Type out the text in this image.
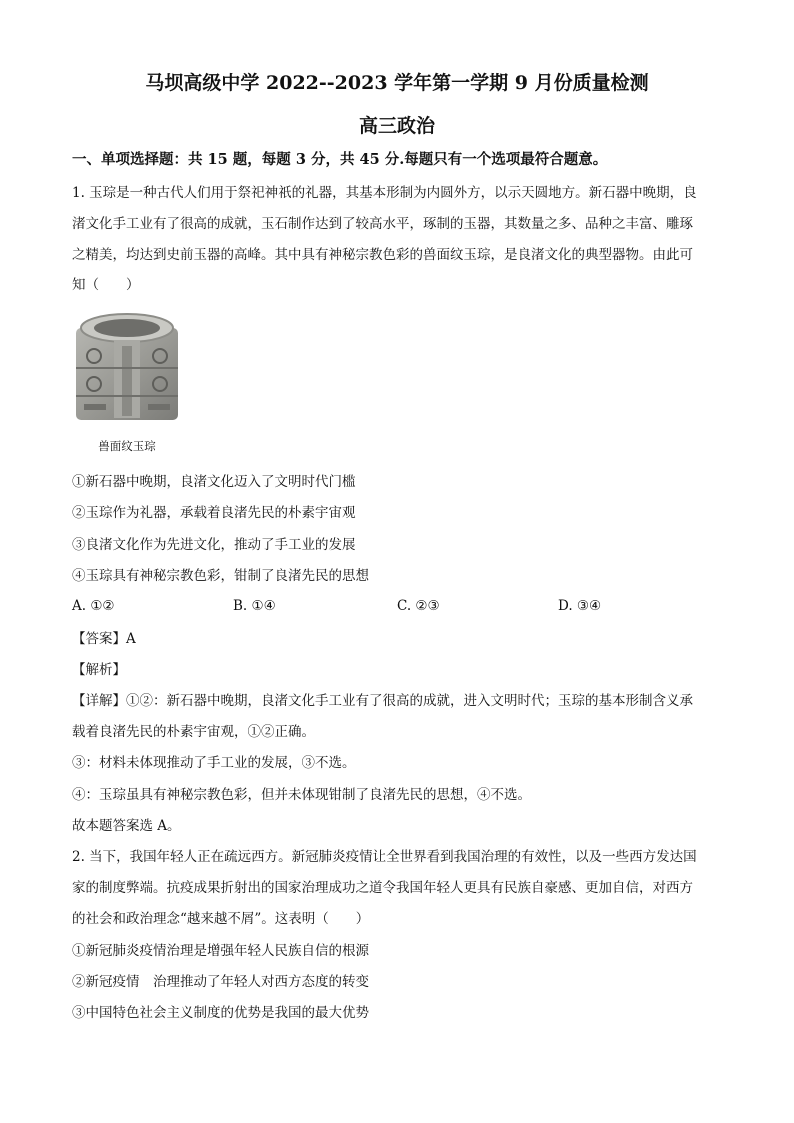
马坝高级中学 2022--2023 学年第一学期 9 月份质量检测
高三政治
一、单项选择题：共 15 题，每题 3 分，共 45 分.每题只有一个选项最符合题意。
1. 玉琮是一种古代人们用于祭祀神祇的礼器，其基本形制为内圆外方，以示天圆地方。新石器中晚期，良
渚文化手工业有了很高的成就，玉石制作达到了较高水平，琢制的玉器，其数量之多、品种之丰富、雕琢
之精美，均达到史前玉器的高峰。其中具有神秘宗教色彩的兽面纹玉琮，是良渚文化的典型器物。由此可
知（　　）
兽面纹玉琮
①新石器中晚期，良渚文化迈入了文明时代门槛
②玉琮作为礼器，承载着良渚先民的朴素宇宙观
③良渚文化作为先进文化，推动了手工业的发展
④玉琮具有神秘宗教色彩，钳制了良渚先民的思想
A. ①②	B. ①④	C. ②③	D. ③④
【答案】A
【解析】
【详解】①②：新石器中晚期，良渚文化手工业有了很高的成就，进入文明时代；玉琮的基本形制含义承
载着良渚先民的朴素宇宙观，①②正确。
③：材料未体现推动了手工业的发展，③不选。
④：玉琮虽具有神秘宗教色彩，但并未体现钳制了良渚先民的思想，④不选。
故本题答案选 A。
2. 当下，我国年轻人正在疏远西方。新冠肺炎疫情让全世界看到我国治理的有效性，以及一些西方发达国
家的制度弊端。抗疫成果折射出的国家治理成功之道令我国年轻人更具有民族自豪感、更加自信，对西方
的社会和政治理念“越来越不屑”。这表明（　　）
①新冠肺炎疫情治理是增强年轻人民族自信的根源
②新冠疫情　治理推动了年轻人对西方态度的转变
③中国特色社会主义制度的优势是我国的最大优势
